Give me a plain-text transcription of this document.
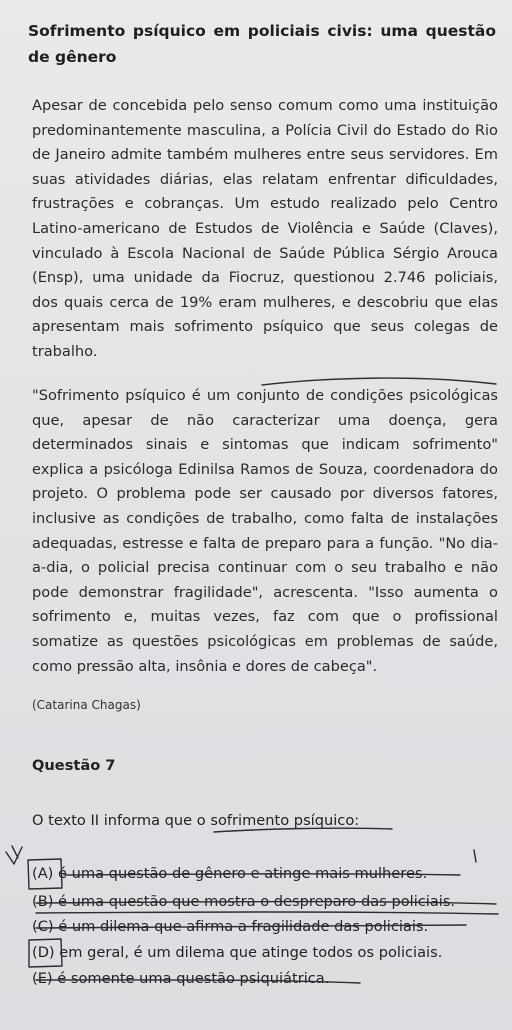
Sofrimento psíquico em policiais civis: uma questão de gênero
Apesar de concebida pelo senso comum como uma instituição predominantemente masculina, a Polícia Civil do Estado do Rio de Janeiro admite também mulheres entre seus servidores. Em suas atividades diárias, elas relatam enfrentar dificuldades, frustrações e cobranças. Um estudo realizado pelo Centro Latino-americano de Estudos de Violência e Saúde (Claves), vinculado à Escola Nacional de Saúde Pública Sérgio Arouca (Ensp), uma unidade da Fiocruz, questionou 2.746 policiais, dos quais cerca de 19% eram mulheres, e descobriu que elas apresentam mais sofrimento psíquico que seus colegas de trabalho.
"Sofrimento psíquico é um conjunto de condições psicológicas que, apesar de não caracterizar uma doença, gera determinados sinais e sintomas que indicam sofrimento" explica a psicóloga Edinilsa Ramos de Souza, coordenadora do projeto. O problema pode ser causado por diversos fatores, inclusive as condições de trabalho, como falta de instalações adequadas, estresse e falta de preparo para a função. "No dia-a-dia, o policial precisa continuar com o seu trabalho e não pode demonstrar fragilidade", acrescenta. "Isso aumenta o sofrimento e, muitas vezes, faz com que o profissional somatize as questões psicológicas em problemas de saúde, como pressão alta, insônia e dores de cabeça".
(Catarina Chagas)
Questão 7
O texto II informa que o sofrimento psíquico:
(A) é uma questão de gênero e atinge mais mulheres.
(B) é uma questão que mostra o despreparo das policiais.
(C) é um dilema que afirma a fragilidade das policiais.
(D) em geral, é um dilema que atinge todos os policiais.
(E) é somente uma questão psiquiátrica.
